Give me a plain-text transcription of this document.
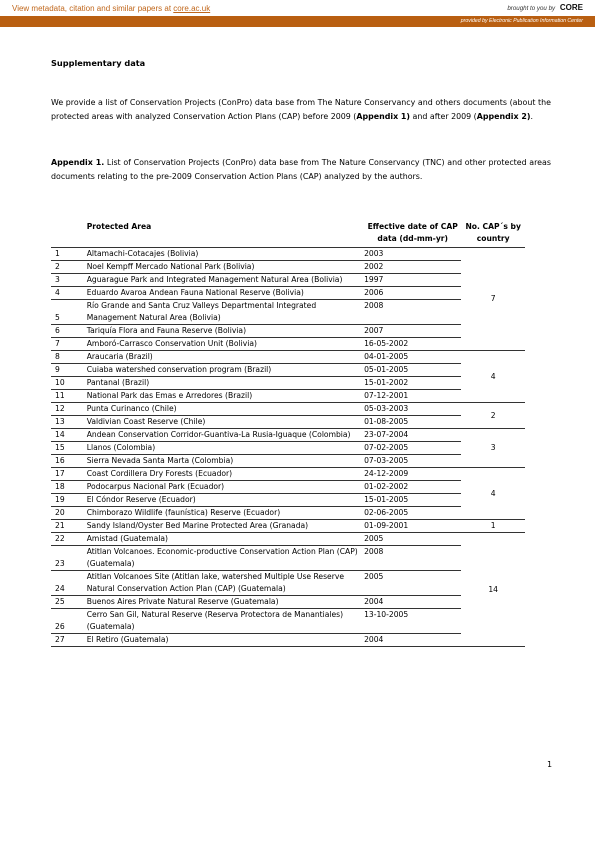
View metadata, citation and similar papers at core.ac.uk	brought to you by CORE
provided by Electronic Publication Information Center
Supplementary data
We provide a list of Conservation Projects (ConPro) data base from The Nature Conservancy and others documents (about the protected areas with analyzed Conservation Action Plans (CAP) before 2009 (Appendix 1) and after 2009 (Appendix 2).
Appendix 1. List of Conservation Projects (ConPro) data base from The Nature Conservancy (TNC) and other protected areas documents relating to the pre-2009 Conservation Action Plans (CAP) analyzed by the authors.
	Protected Area	Effective date of CAP data (dd-mm-yr)	No. CAP´s by country
1	Altamachi-Cotacajes (Bolivia)	2003	7
2	Noel Kempff Mercado National Park (Bolivia)	2002	
3	Aguarague Park and Integrated Management Natural Area (Bolivia)	1997	
4	Eduardo Avaroa Andean Fauna National Reserve (Bolivia)	2006	
5	Río Grande and Santa Cruz Valleys Departmental Integrated Management Natural Area (Bolivia)	2008	
6	Tariquía Flora and Fauna Reserve (Bolivia)	2007	
7	Amboró-Carrasco Conservation Unit (Bolivia)	16-05-2002	
8	Araucaria (Brazil)	04-01-2005	4
9	Cuiaba watershed conservation program (Brazil)	05-01-2005	
10	Pantanal (Brazil)	15-01-2002	
11	National Park das Emas e Arredores (Brazil)	07-12-2001	
12	Punta Curinanco (Chile)	05-03-2003	2
13	Valdivian Coast Reserve (Chile)	01-08-2005	
14	Andean Conservation Corridor-Guantiva-La Rusia-Iguaque (Colombia)	23-07-2004	3
15	Llanos (Colombia)	07-02-2005	
16	Sierra Nevada Santa Marta (Colombia)	07-03-2005	
17	Coast Cordillera Dry Forests (Ecuador)	24-12-2009	4
18	Podocarpus Nacional Park (Ecuador)	01-02-2002	
19	El Cóndor Reserve (Ecuador)	15-01-2005	
20	Chimborazo Wildlife (faunística) Reserve (Ecuador)	02-06-2005	
21	Sandy Island/Oyster Bed Marine Protected Area (Granada)	01-09-2001	1
22	Amistad (Guatemala)	2005	14
23	Atitlan Volcanoes. Economic-productive Conservation Action Plan (CAP) (Guatemala)	2008	
24	Atitlan Volcanoes Site (Atitlan lake, watershed Multiple Use Reserve Natural Conservation Action Plan (CAP) (Guatemala)	2005	
25	Buenos Aires Private Natural Reserve (Guatemala)	2004	
26	Cerro San Gil, Natural Reserve (Reserva Protectora de Manantiales) (Guatemala)	13-10-2005	
27	El Retiro (Guatemala)	2004	
1
